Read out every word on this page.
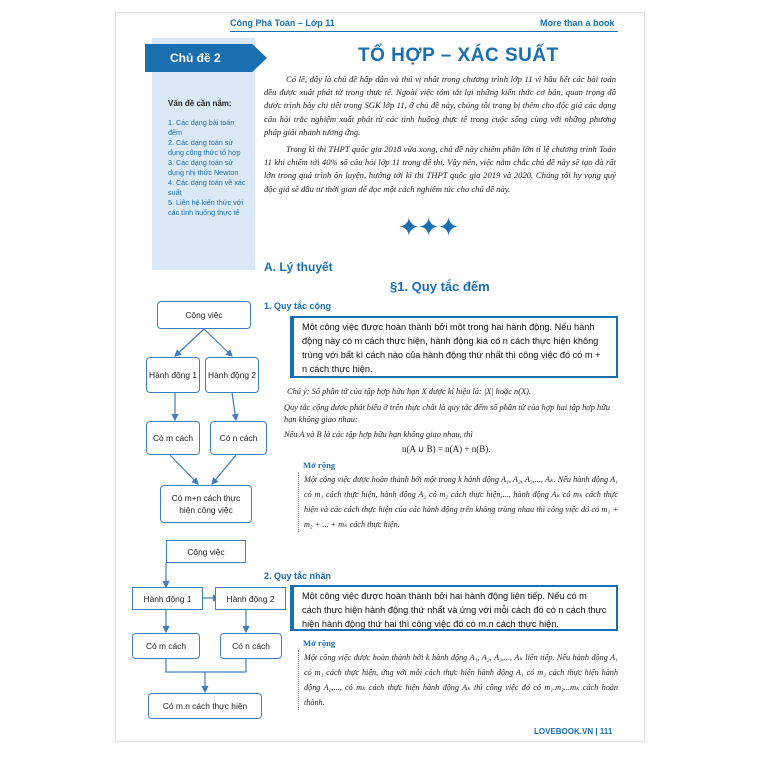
Công Phá Toán – Lớp 11	More than a book
Chủ đề 2
Vấn đề cần nắm:
1. Các dạng bài toán đếm
2. Các dạng toán sử dụng công thức tổ hợp
3. Các dạng toán sử dụng nhị thức Newton
4. Các dạng toán về xác suất
5. Liên hệ kiến thức với các tình huống thực tế
TỔ HỢP – XÁC SUẤT

Có lẽ, đây là chủ đề hấp dẫn và thú vị nhất trong chương trình lớp 11 vì hầu hết các bài toán đều được xuất phát từ trong thực tế. Ngoài việc tóm tắt lại những kiến thức cơ bản, quan trọng đã được trình bày chi tiết trong SGK lớp 11, ở chủ đề này, chúng tôi trang bị thêm cho độc giả các dạng câu hỏi trắc nghiệm xuất phát từ các tình huống thực tế trong cuộc sống cùng với những phương pháp giải nhanh tương ứng.

Trong kì thi THPT quốc gia 2018 vừa xong, chủ đề này chiếm phần lớn tỉ lệ chương trình Toán 11 khi chiếm tới 40% số câu hỏi lớp 11 trong đề thi. Vậy nên, việc nắm chắc chủ đề này sẽ tạo đà rất lớn trong quá trình ôn luyện, hướng tới kì thi THPT quốc gia 2019 và 2020. Chúng tôi hy vọng quý độc giả sẽ đầu tư thời gian để đọc một cách nghiêm túc cho chủ đề này.

✦✦✦
A. Lý thuyết
§1. Quy tắc đếm
1. Quy tắc cộng
Một công việc được hoàn thành bởi một trong hai hành động. Nếu hành động này có m cách thực hiện, hành động kia có n cách thực hiện không trùng với bất kì cách nào của hành động thứ nhất thì công việc đó có m + n cách thực hiện.
Chú ý: Số phần tử của tập hợp hữu hạn X được kí hiệu là: |X| hoặc n(X).
Quy tắc cộng được phát biểu ở trên thực chất là quy tắc đếm số phần tử của hợp hai tập hợp hữu hạn không giao nhau:
Nếu A và B là các tập hợp hữu hạn không giao nhau, thì
n(A ∪ B) = n(A) + n(B).
Mở rộng
Một công việc được hoàn thành bởi một trong k hành động A₁, A₂, A₃,..., Aₖ. Nếu hành động A₁ có m₁ cách thực hiện, hành động A₂ có m₂ cách thực hiện,..., hành động Aₖ có mₖ cách thực hiện và các cách thực hiện của các hành động trên không trùng nhau thì công việc đó có m₁ + m₂ + ... + mₖ cách thực hiện.
2. Quy tắc nhân
Một công việc được hoàn thành bởi hai hành động liên tiếp. Nếu có m cách thực hiện hành động thứ nhất và ứng với mỗi cách đó có n cách thực hiện hành động thứ hai thì công việc đó có m.n cách thực hiện.
Mở rộng
Một công việc được hoàn thành bởi k hành động A₁, A₂, A₃,..., Aₖ liên tiếp. Nếu hành động A₁ có m₁ cách thực hiện, ứng với mỗi cách thực hiện hành động A₁ có m₂ cách thực hiện hành động A₂,..., có mₖ cách thực hiện hành động Aₖ thì công việc đó có m₁.m₂...mₖ cách hoàn thành.
Công việc
Hành động 1	Hành động 2
Có m cách	Có n cách
Có m+n cách thực hiện công việc
Công việc
Hành động 1	Hành động 2
Có m cách	Có n cách
Có m.n cách thực hiện
LOVEBOOK.VN | 111
